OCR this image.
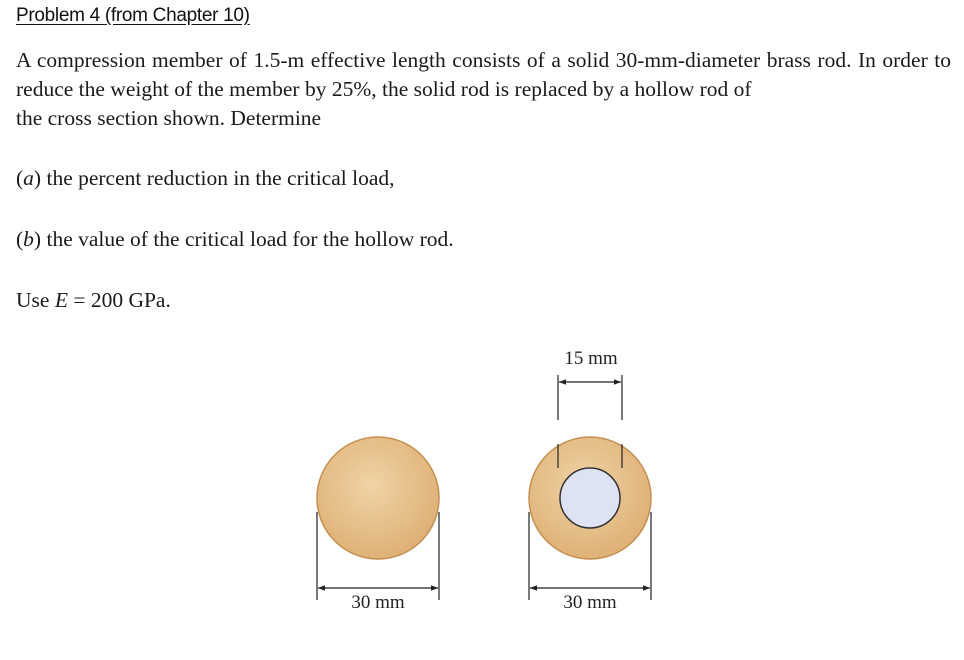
Problem 4 (from Chapter 10)

A compression member of 1.5-m effective length consists of a solid 30-mm-diameter brass rod. In order to reduce the weight of the member by 25%, the solid rod is replaced by a hollow rod of
the cross section shown. Determine

(a) the percent reduction in the critical load,

(b) the value of the critical load for the hollow rod.

Use E = 200 GPa.

30 mm
15 mm
30 mm
